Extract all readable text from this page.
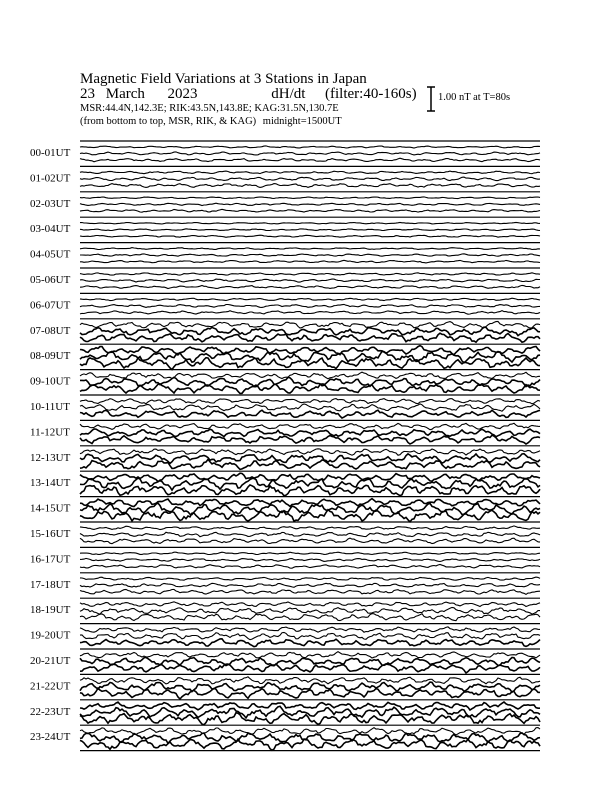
Magnetic Field Variations at 3 Stations in Japan
23 March 2023	dH/dt (filter:40-160s)
MSR:44.4N,142.3E; RIK:43.5N,143.8E; KAG:31.5N,130.7E
(from bottom to top, MSR, RIK, & KAG) midnight=1500UT
1.00 nT at T=80s
00-01UT
01-02UT
02-03UT
03-04UT
04-05UT
05-06UT
06-07UT
07-08UT
08-09UT
09-10UT
10-11UT
11-12UT
12-13UT
13-14UT
14-15UT
15-16UT
16-17UT
17-18UT
18-19UT
19-20UT
20-21UT
21-22UT
22-23UT
23-24UT
